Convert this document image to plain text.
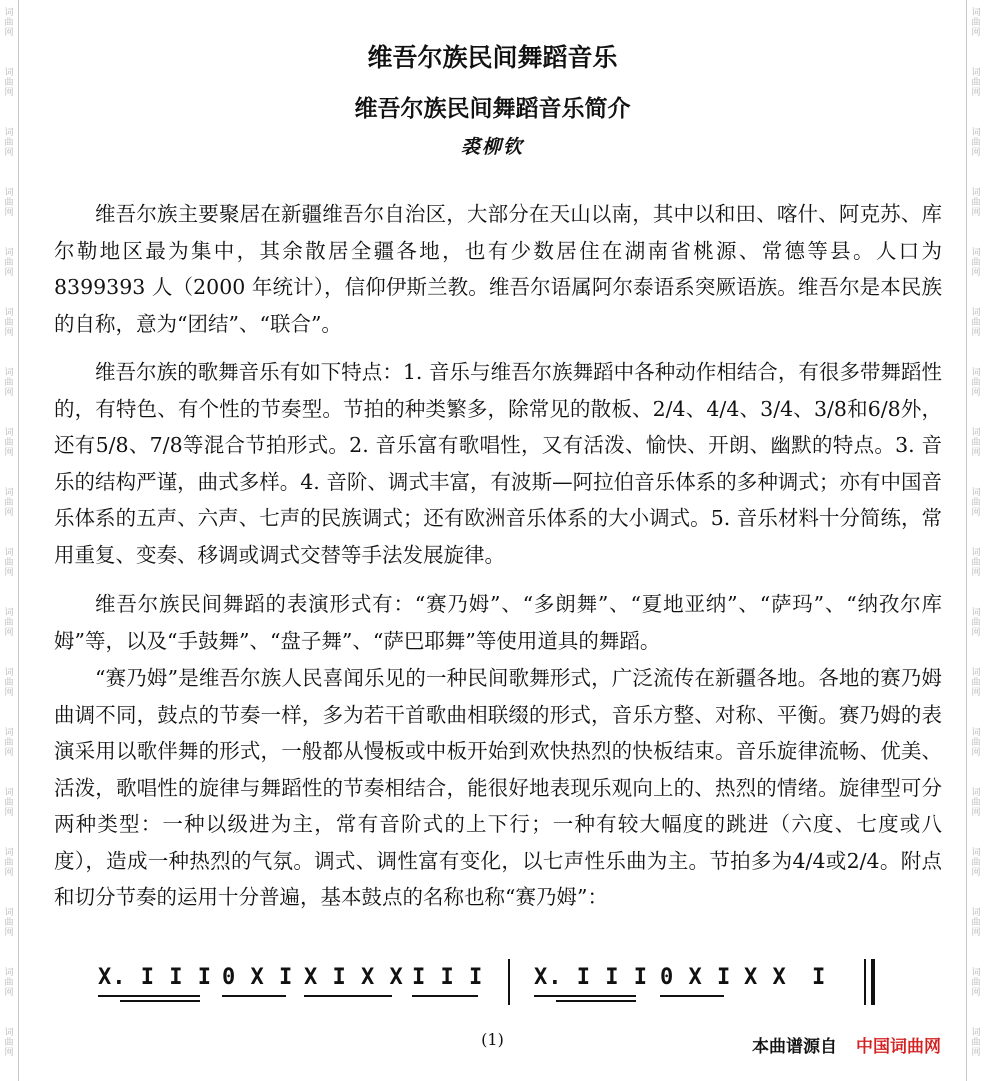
词曲网
词曲网
词曲网
词曲网
词曲网
词曲网
词曲网
词曲网
词曲网
词曲网
词曲网
词曲网
词曲网
词曲网
词曲网
词曲网
词曲网
词曲网
词曲网
词曲网
词曲网
词曲网
词曲网
词曲网
词曲网
词曲网
词曲网
词曲网
词曲网
词曲网
词曲网
词曲网
词曲网
词曲网
词曲网
词曲网
维吾尔族民间舞蹈音乐
维吾尔族民间舞蹈音乐简介
裘柳钦

维吾尔族主要聚居在新疆维吾尔自治区，大部分在天山以南，其中以和田、喀什、阿克苏、库尔勒地区最为集中，其余散居全疆各地，也有少数居住在湖南省桃源、常德等县。人口为 8399393 人（2000 年统计），信仰伊斯兰教。维吾尔语属阿尔泰语系突厥语族。维吾尔是本民族的自称，意为“团结”、“联合”。

维吾尔族的歌舞音乐有如下特点：1. 音乐与维吾尔族舞蹈中各种动作相结合，有很多带舞蹈性的，有特色、有个性的节奏型。节拍的种类繁多，除常见的散板、2/4、4/4、3/4、3/8和6/8外，还有5/8、7/8等混合节拍形式。2. 音乐富有歌唱性，又有活泼、愉快、开朗、幽默的特点。3. 音乐的结构严谨，曲式多样。4. 音阶、调式丰富，有波斯—阿拉伯音乐体系的多种调式；亦有中国音乐体系的五声、六声、七声的民族调式；还有欧洲音乐体系的大小调式。5. 音乐材料十分简练，常用重复、变奏、移调或调式交替等手法发展旋律。

维吾尔族民间舞蹈的表演形式有：“赛乃姆”、“多朗舞”、“夏地亚纳”、“萨玛”、“纳孜尔库姆”等，以及“手鼓舞”、“盘子舞”、“萨巴耶舞”等使用道具的舞蹈。

“赛乃姆”是维吾尔族人民喜闻乐见的一种民间歌舞形式，广泛流传在新疆各地。各地的赛乃姆曲调不同，鼓点的节奏一样，多为若干首歌曲相联缀的形式，音乐方整、对称、平衡。赛乃姆的表演采用以歌伴舞的形式，一般都从慢板或中板开始到欢快热烈的快板结束。音乐旋律流畅、优美、活泼，歌唱性的旋律与舞蹈性的节奏相结合，能很好地表现乐观向上的、热烈的情绪。旋律型可分两种类型：一种以级进为主，常有音阶式的上下行；一种有较大幅度的跳进（六度、七度或八度），造成一种热烈的气氛。调式、调性富有变化，以七声性乐曲为主。节拍多为4/4或2/4。附点和切分节奏的运用十分普遍，基本鼓点的名称也称“赛乃姆”：

X. I I I 0 X I X I X X I I I X. I I I 0 X I X X I
(1)	本曲谱源自 中国词曲网
